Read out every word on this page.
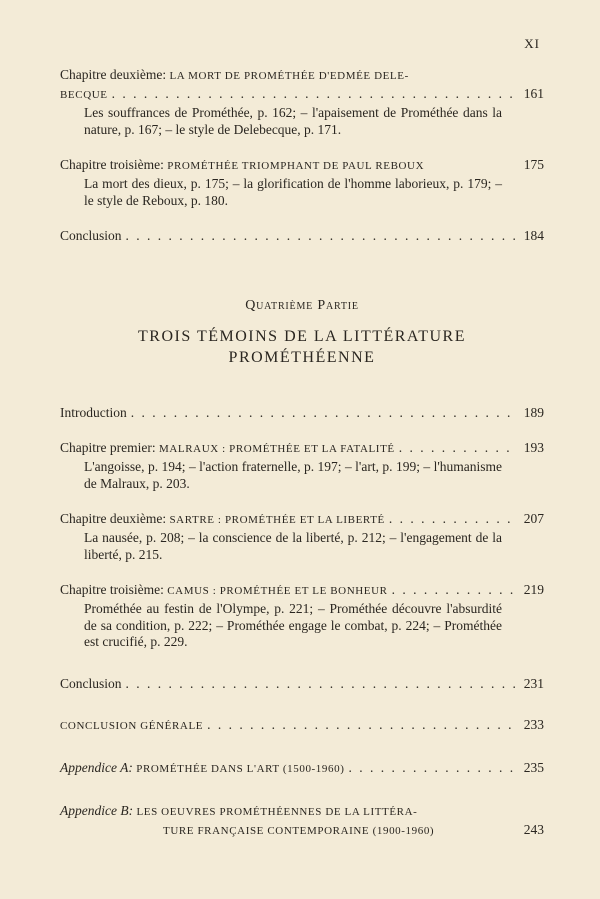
XI
Chapitre deuxième:
LA MORT DE PROMÉTHÉE D'EDMÉE DELE-
BECQUE . . .	161
Les souffrances de Prométhée, p. 162; – l'apaisement de Prométhée dans la nature, p. 167; – le style de Delebecque, p. 171.
Chapitre troisième:
PROMÉTHÉE TRIOMPHANT DE PAUL REBOUX	175
La mort des dieux, p. 175; – la glorification de l'homme laborieux, p. 179; – le style de Reboux, p. 180.
Conclusion . . .	184
Quatrième Partie
TROIS TÉMOINS DE LA LITTÉRATURE
PROMÉTHÉENNE
Introduction . . .	189
Chapitre premier:
MALRAUX : PROMÉTHÉE ET LA FATALITÉ . . .	193
L'angoisse, p. 194; – l'action fraternelle, p. 197; – l'art, p. 199; – l'humanisme de Malraux, p. 203.
Chapitre deuxième:
SARTRE : PROMÉTHÉE ET LA LIBERTÉ . . .	207
La nausée, p. 208; – la conscience de la liberté, p. 212; – l'engagement de la liberté, p. 215.
Chapitre troisième:
CAMUS : PROMÉTHÉE ET LE BONHEUR . . .	219
Prométhée au festin de l'Olympe, p. 221; – Prométhée découvre l'absurdité de sa condition, p. 222; – Prométhée engage le combat, p. 224; – Prométhée est crucifié, p. 229.
Conclusion . . .	231
CONCLUSION GÉNÉRALE . . .	233
Appendice A:
PROMÉTHÉE DANS L'ART (1500-1960) . . .	235
Appendice B:
LES OEUVRES PROMÉTHÉENNES DE LA LITTÉRA-
TURE FRANÇAISE CONTEMPORAINE (1900-1960)	243
